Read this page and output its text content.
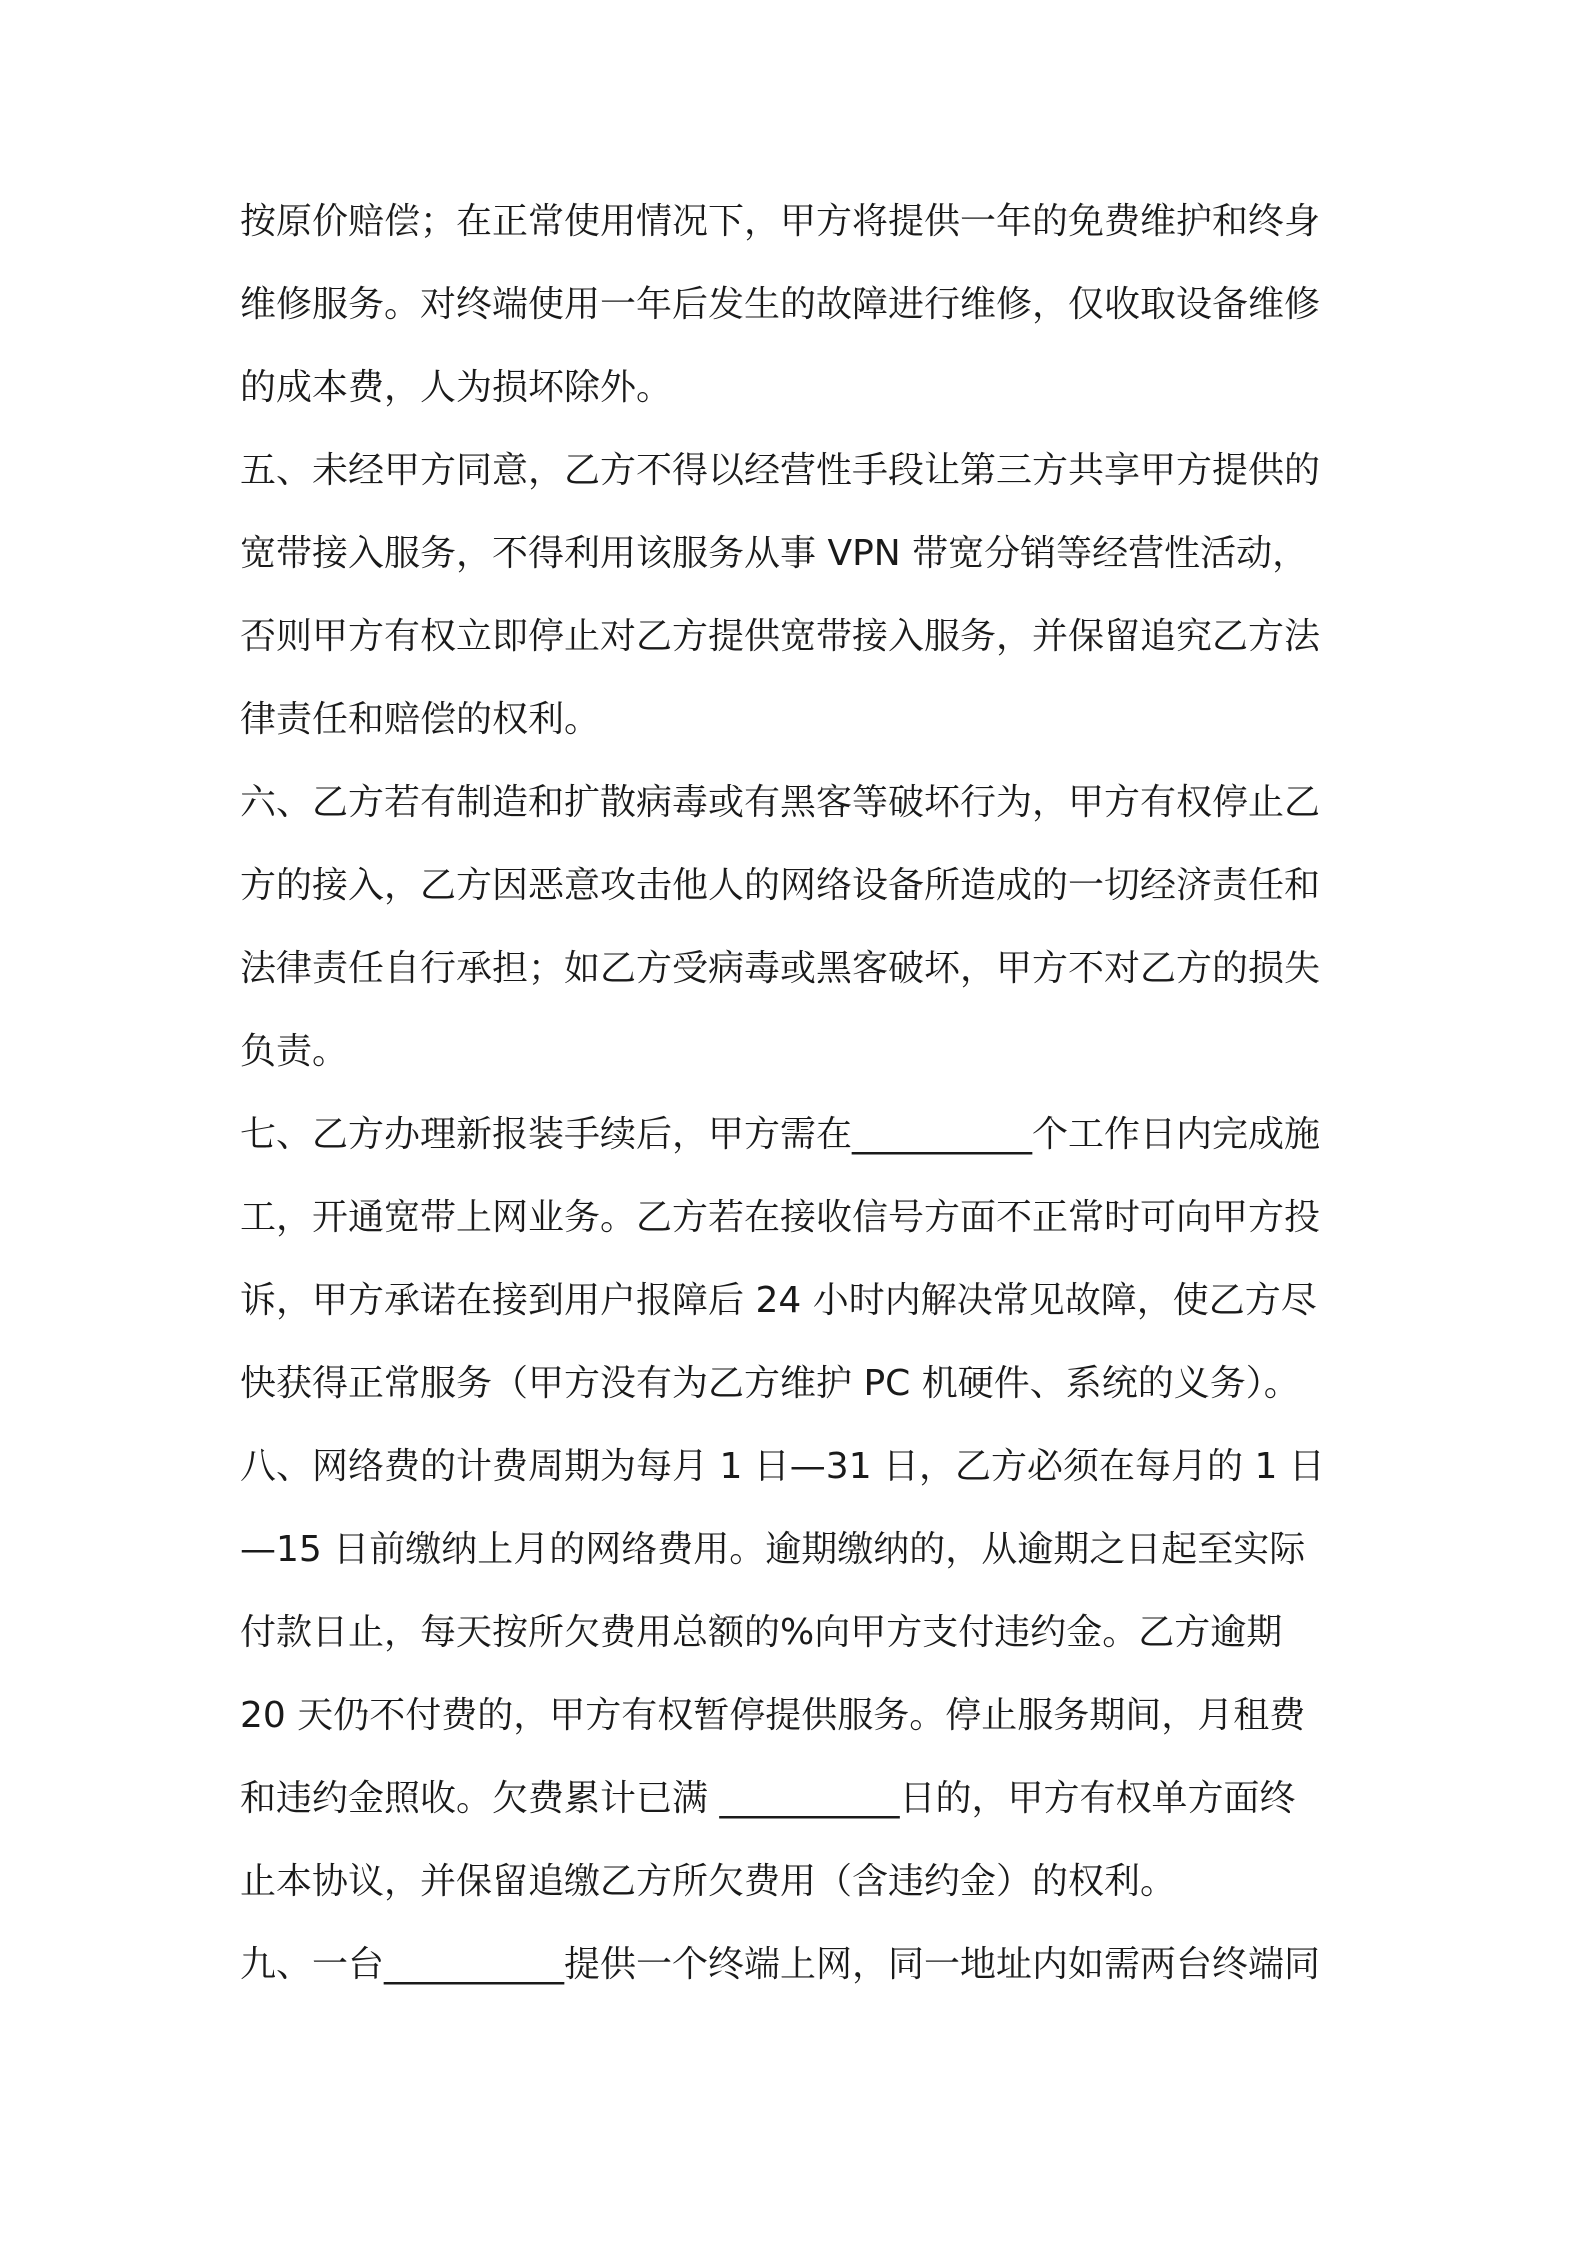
按原价赔偿；在正常使用情况下，甲方将提供一年的免费维护和终身
维修服务。对终端使用一年后发生的故障进行维修，仅收取设备维修
的成本费，人为损坏除外。
五、未经甲方同意，乙方不得以经营性手段让第三方共享甲方提供的
宽带接入服务，不得利用该服务从事 VPN 带宽分销等经营性活动，
否则甲方有权立即停止对乙方提供宽带接入服务，并保留追究乙方法
律责任和赔偿的权利。
六、乙方若有制造和扩散病毒或有黑客等破坏行为，甲方有权停止乙
方的接入，乙方因恶意攻击他人的网络设备所造成的一切经济责任和
法律责任自行承担；如乙方受病毒或黑客破坏，甲方不对乙方的损失
负责。
七、乙方办理新报装手续后，甲方需在__________个工作日内完成施
工，开通宽带上网业务。乙方若在接收信号方面不正常时可向甲方投
诉，甲方承诺在接到用户报障后 24 小时内解决常见故障，使乙方尽
快获得正常服务（甲方没有为乙方维护 PC 机硬件、系统的义务）。
八、网络费的计费周期为每月 1 日—31 日，乙方必须在每月的 1 日
—15 日前缴纳上月的网络费用。逾期缴纳的，从逾期之日起至实际
付款日止，每天按所欠费用总额的%向甲方支付违约金。乙方逾期
20 天仍不付费的，甲方有权暂停提供服务。停止服务期间，月租费
和违约金照收。欠费累计已满 __________日的，甲方有权单方面终
止本协议，并保留追缴乙方所欠费用（含违约金）的权利。
九、一台__________提供一个终端上网，同一地址内如需两台终端同
